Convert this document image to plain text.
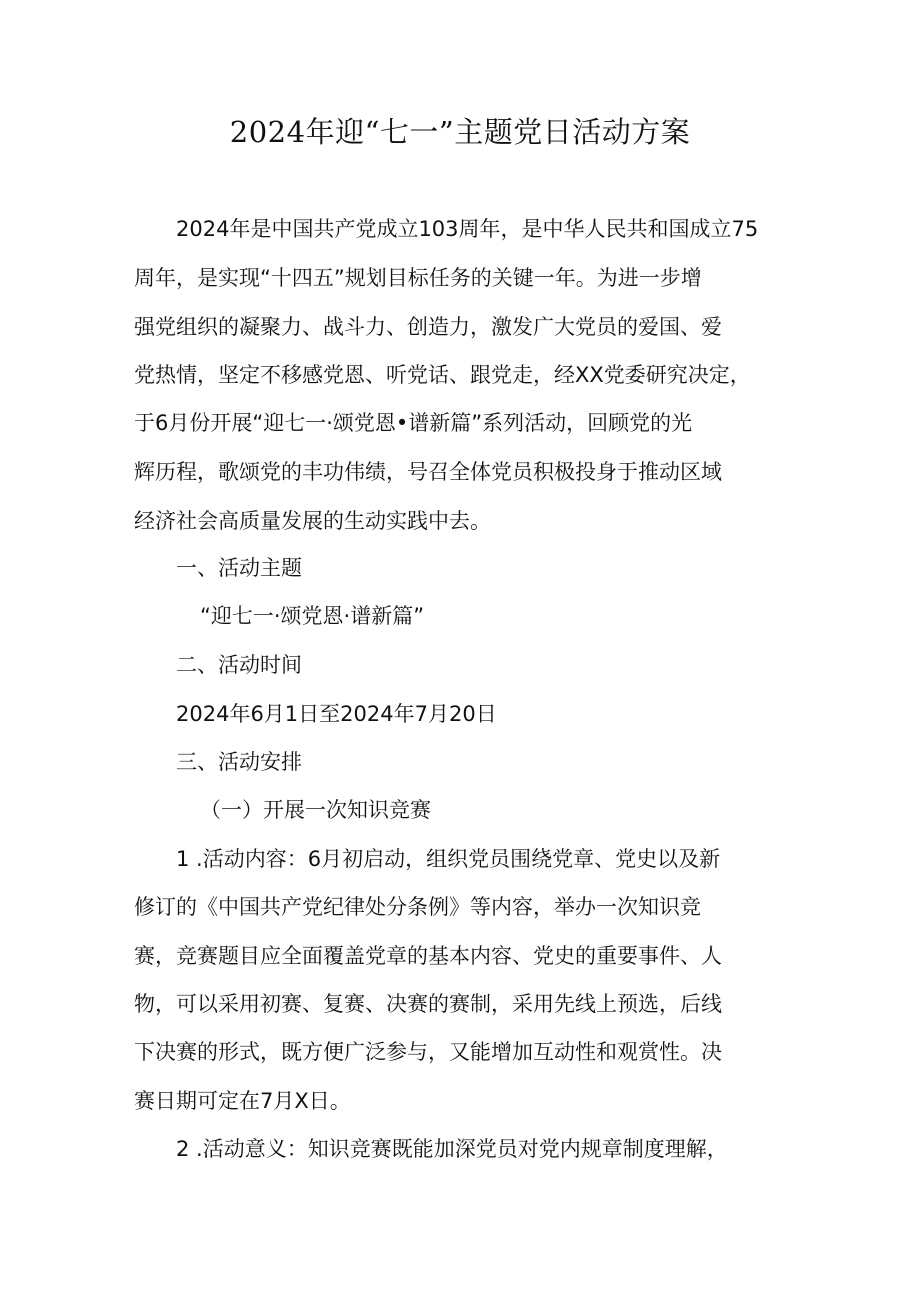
2024年迎“七一”主题党日活动方案
2024年是中国共产党成立103周年，是中华人民共和国成立75
周年，是实现“十四五”规划目标任务的关键一年。为进一步增
强党组织的凝聚力、战斗力、创造力，激发广大党员的爱国、爱
党热情，坚定不移感党恩、听党话、跟党走，经XX党委研究决定，
于6月份开展“迎七一·颂党恩•谱新篇”系列活动，回顾党的光
辉历程，歌颂党的丰功伟绩，号召全体党员积极投身于推动区域
经济社会高质量发展的生动实践中去。
一、活动主题
“迎七一·颂党恩·谱新篇”
二、活动时间
2024年6月1日至2024年7月20日
三、活动安排
（一）开展一次知识竞赛
1 .活动内容：6月初启动，组织党员围绕党章、党史以及新
修订的《中国共产党纪律处分条例》等内容，举办一次知识竞
赛，竞赛题目应全面覆盖党章的基本内容、党史的重要事件、人
物，可以采用初赛、复赛、决赛的赛制，采用先线上预选，后线
下决赛的形式，既方便广泛参与，又能增加互动性和观赏性。决
赛日期可定在7月X日。
2 .活动意义：知识竞赛既能加深党员对党内规章制度理解，
